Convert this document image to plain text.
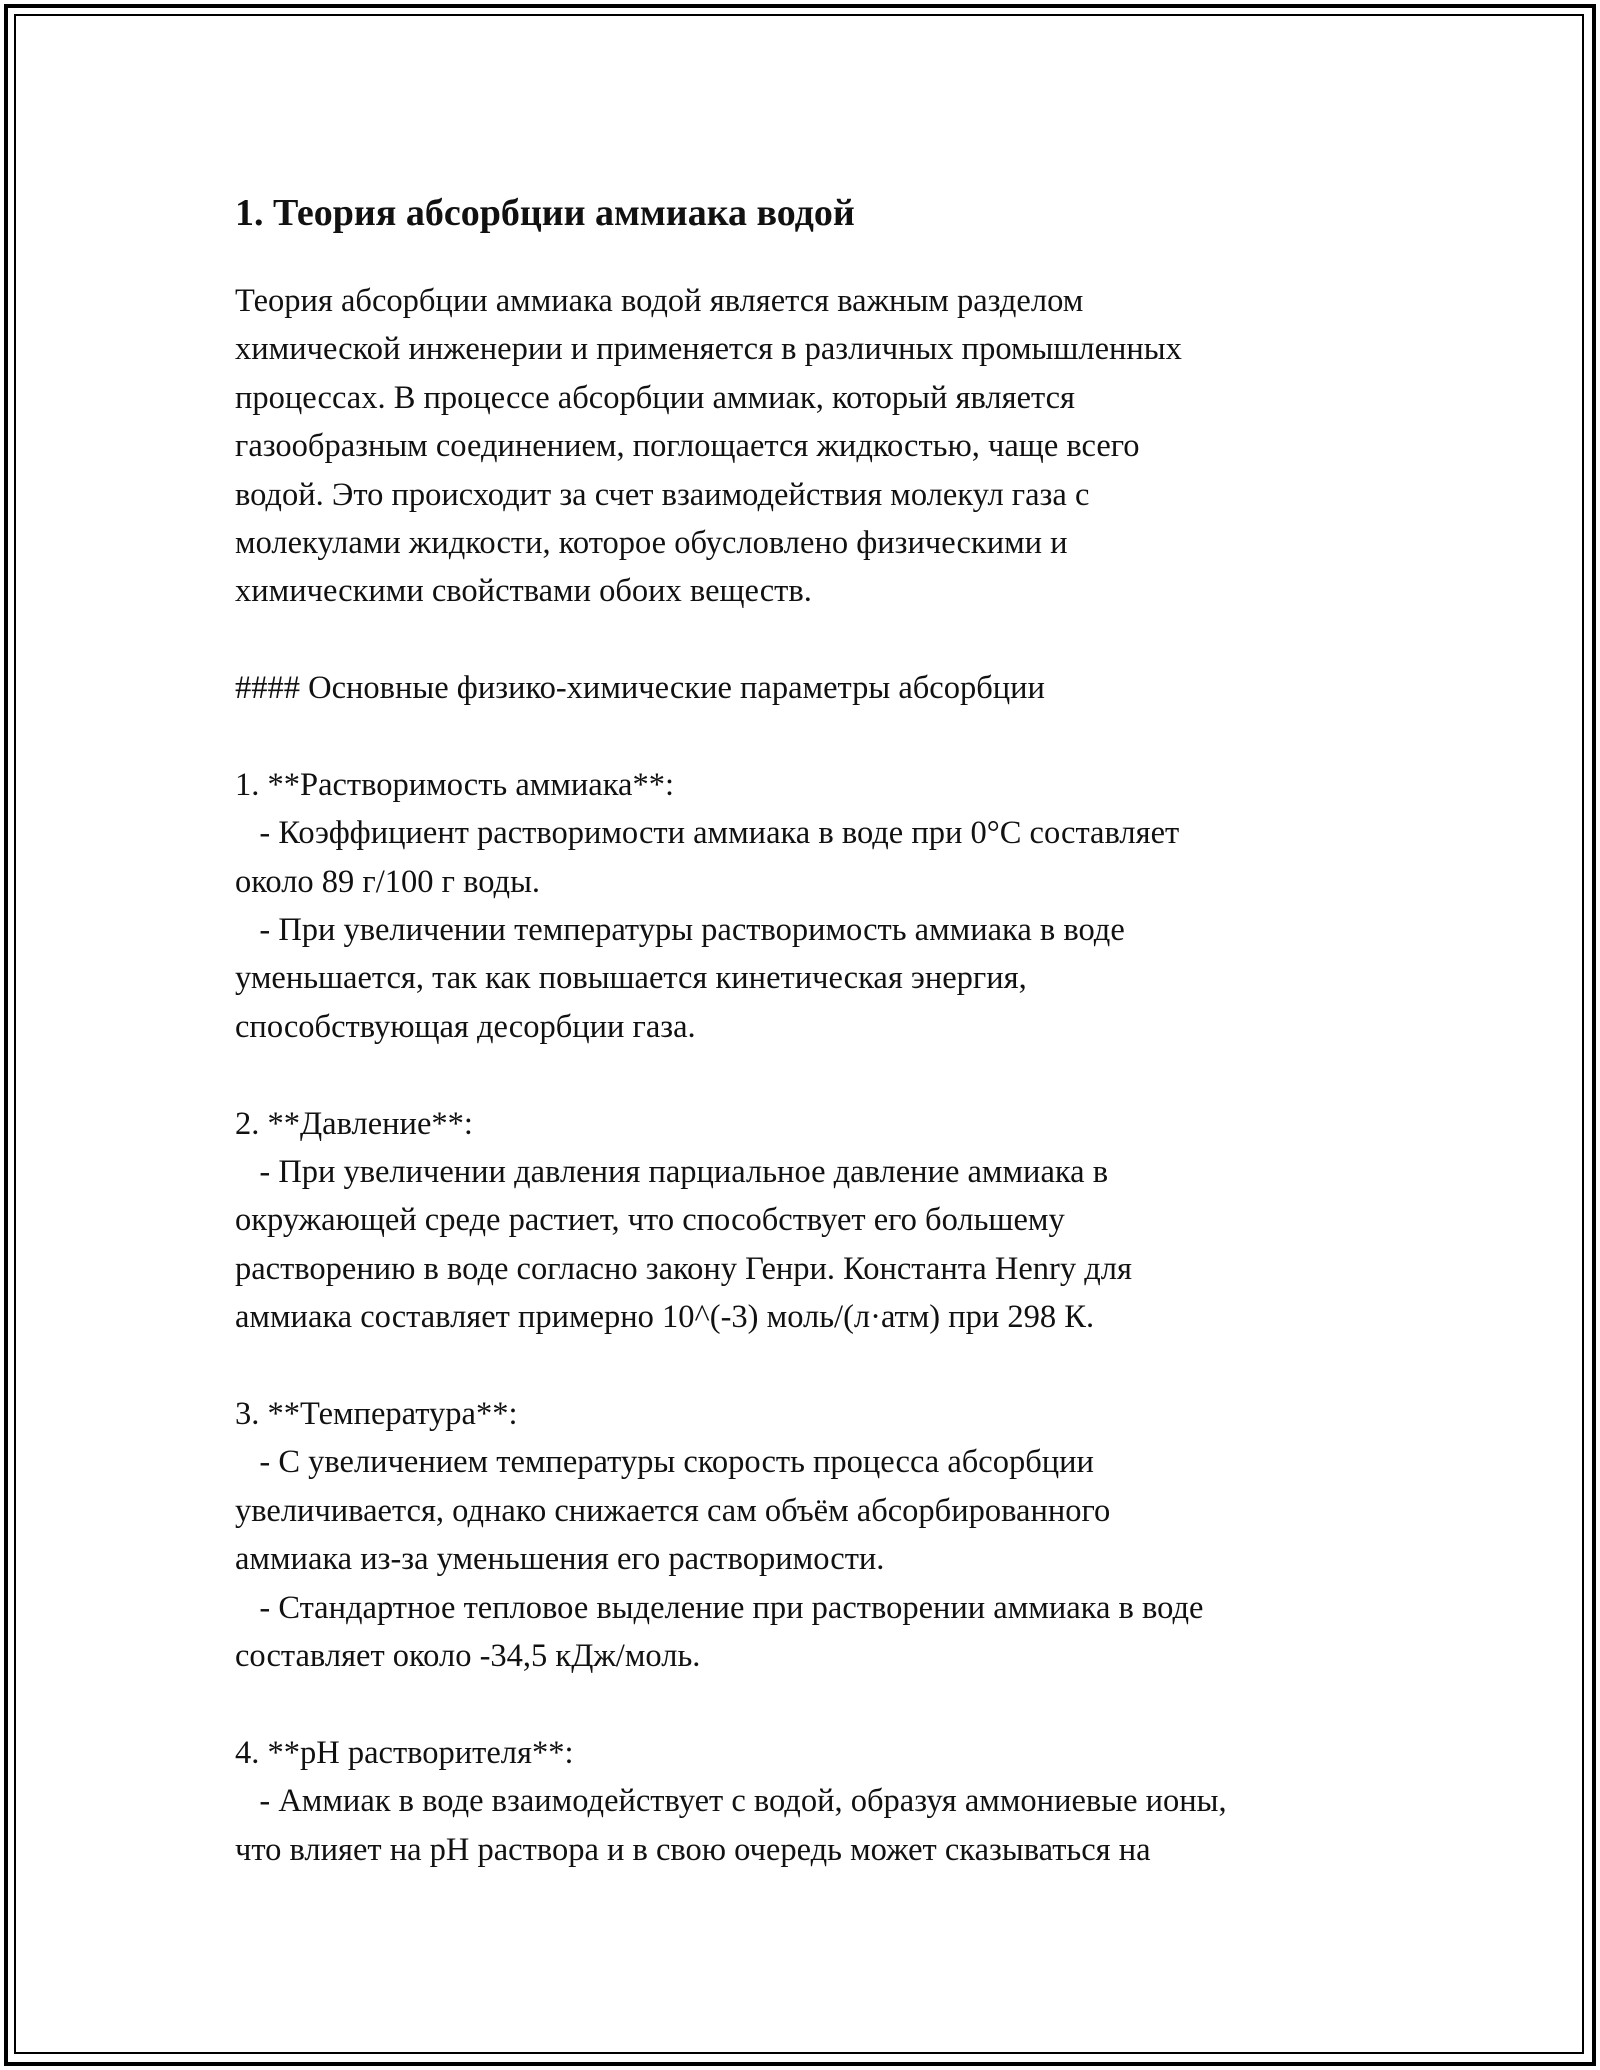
1. Теория абсорбции аммиака водой
Теория абсорбции аммиака водой является важным разделом
химической инженерии и применяется в различных промышленных
процессах. В процессе абсорбции аммиак, который является
газообразным соединением, поглощается жидкостью, чаще всего
водой. Это происходит за счет взаимодействия молекул газа с
молекулами жидкости, которое обусловлено физическими и
химическими свойствами обоих веществ.
#### Основные физико-химические параметры абсорбции
1. **Растворимость аммиака**:
- Коэффициент растворимости аммиака в воде при 0°С составляет
около 89 г/100 г воды.
- При увеличении температуры растворимость аммиака в воде
уменьшается, так как повышается кинетическая энергия,
способствующая десорбции газа.
2. **Давление**:
- При увеличении давления парциальное давление аммиака в
окружающей среде растиет, что способствует его большему
растворению в воде согласно закону Генри. Константа Henry для
аммиака составляет примерно 10^(-3) моль/(л·атм) при 298 К.
3. **Температура**:
- С увеличением температуры скорость процесса абсорбции
увеличивается, однако снижается сам объём абсорбированного
аммиака из-за уменьшения его растворимости.
- Стандартное тепловое выделение при растворении аммиака в воде
составляет около -34,5 кДж/моль.
4. **pH растворителя**:
- Аммиак в воде взаимодействует с водой, образуя аммониевые ионы,
что влияет на pH раствора и в свою очередь может сказываться на
